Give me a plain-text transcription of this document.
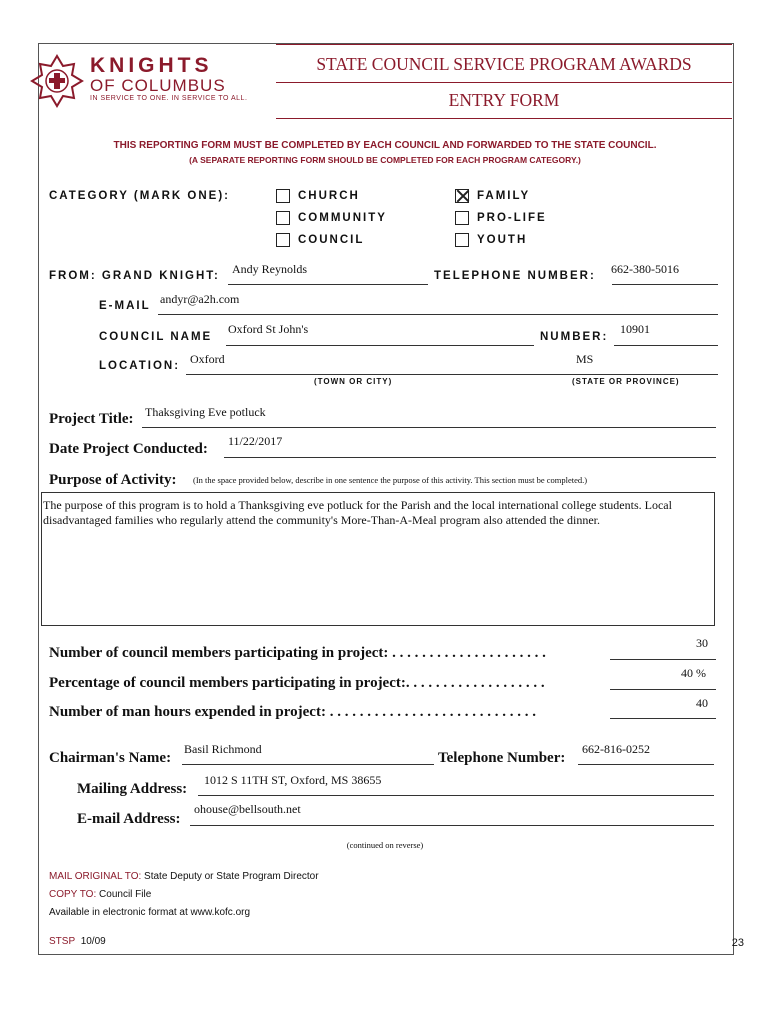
KNIGHTS
OF COLUMBUS
IN SERVICE TO ONE. IN SERVICE TO ALL.
STATE COUNCIL SERVICE PROGRAM AWARDS
ENTRY FORM
THIS REPORTING FORM MUST BE COMPLETED BY EACH COUNCIL AND FORWARDED TO THE STATE COUNCIL.
(A SEPARATE REPORTING FORM SHOULD BE COMPLETED FOR EACH PROGRAM CATEGORY.)
CATEGORY (MARK ONE):	CHURCH
COMMUNITY
COUNCIL
FAMILY
PRO-LIFE
YOUTH
FROM: GRAND KNIGHT: Andy Reynolds	TELEPHONE NUMBER: 662-380-5016
E-MAIL andyr@a2h.com
COUNCIL NAME
Oxford St John's
NUMBER:
10901
LOCATION: Oxford	MS
(TOWN OR CITY)	(STATE OR PROVINCE)
Project Title: Thaksgiving Eve potluck
Date Project Conducted: 11/22/2017
Purpose of Activity: (In the space provided below, describe in one sentence the purpose of this activity. This section must be completed.)
The purpose of this program is to hold a Thanksgiving eve potluck for the Parish and the local international college students. Local disadvantaged families who regularly attend the community's More-Than-A-Meal program also attended the dinner.
Number of council members participating in project: . . . . . . . . . . . . . . . . . . . . .
30
Percentage of council members participating in project:. . . . . . . . . . . . . . . . . . .
40 %
Number of man hours expended in project: . . . . . . . . . . . . . . . . . . . . . . . . . . . .
40
Chairman's Name:
Basil Richmond
Telephone Number:
662-816-0252
Mailing Address:
1012 S 11TH ST, Oxford, MS 38655
E-mail Address:
ohouse@bellsouth.net
(continued on reverse)
MAIL ORIGINAL TO: State Deputy or State Program Director
COPY TO: Council File
Available in electronic format at www.kofc.org
STSP 10/09	23
